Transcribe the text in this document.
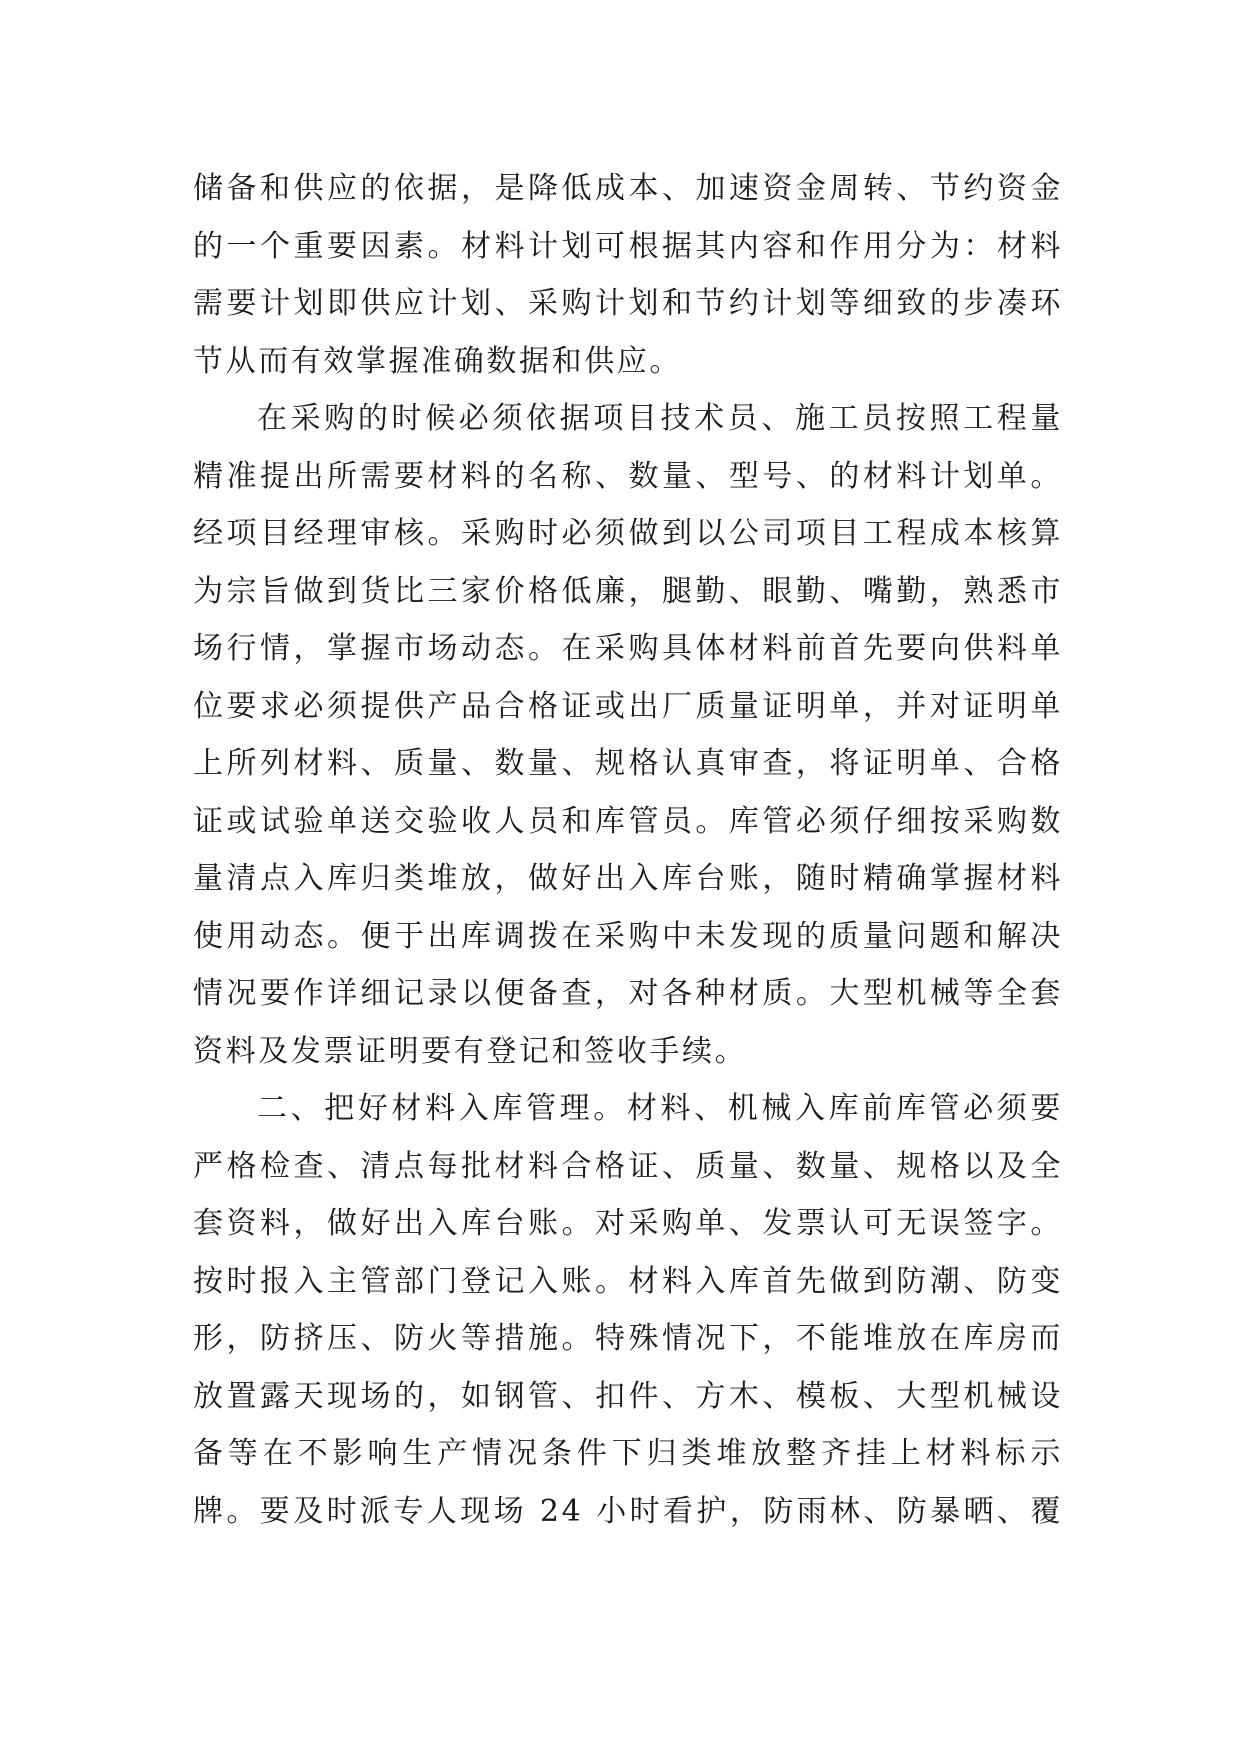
储备和供应的依据，是降低成本、加速资金周转、节约资金
的一个重要因素。材料计划可根据其内容和作用分为：材料
需要计划即供应计划、采购计划和节约计划等细致的步凑环
节从而有效掌握准确数据和供应。
在采购的时候必须依据项目技术员、施工员按照工程量
精准提出所需要材料的名称、数量、型号、的材料计划单。
经项目经理审核。采购时必须做到以公司项目工程成本核算
为宗旨做到货比三家价格低廉，腿勤、眼勤、嘴勤，熟悉市
场行情，掌握市场动态。在采购具体材料前首先要向供料单
位要求必须提供产品合格证或出厂质量证明单，并对证明单
上所列材料、质量、数量、规格认真审查，将证明单、合格
证或试验单送交验收人员和库管员。库管必须仔细按采购数
量清点入库归类堆放，做好出入库台账，随时精确掌握材料
使用动态。便于出库调拨在采购中未发现的质量问题和解决
情况要作详细记录以便备查，对各种材质。大型机械等全套
资料及发票证明要有登记和签收手续。
二、把好材料入库管理。材料、机械入库前库管必须要
严格检查、清点每批材料合格证、质量、数量、规格以及全
套资料，做好出入库台账。对采购单、发票认可无误签字。
按时报入主管部门登记入账。材料入库首先做到防潮、防变
形，防挤压、防火等措施。特殊情况下，不能堆放在库房而
放置露天现场的，如钢管、扣件、方木、模板、大型机械设
备等在不影响生产情况条件下归类堆放整齐挂上材料标示
牌。要及时派专人现场 24 小时看护，防雨林、防暴晒、覆
